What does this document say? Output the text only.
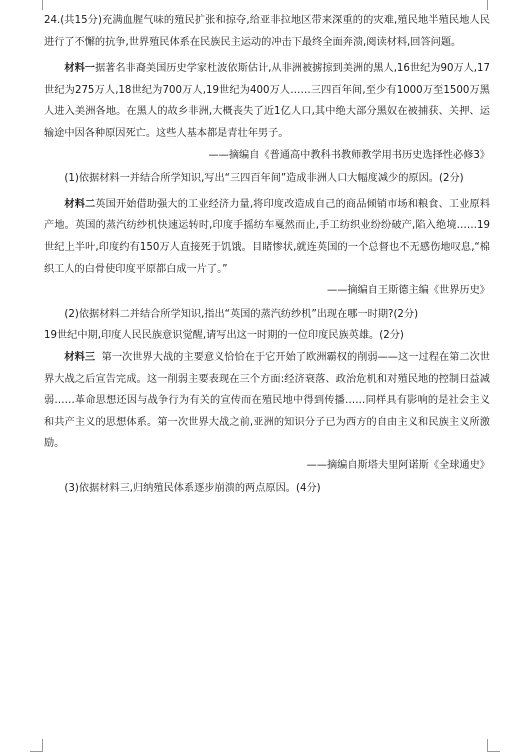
24.(共15分)充满血腥气味的殖民扩张和掠夺,给亚非拉地区带来深重的的灾难,殖民地半殖民地人民进行了不懈的抗争,世界殖民体系在民族民主运动的冲击下最终全面奔溃,阅读材料,回答问题。

材料一据著名非裔美国历史学家杜波依斯估计,从非洲被掳掠到美洲的黑人,16世纪为90万人,17世纪为275万人,18世纪为700万人,19世纪为400万人……三四百年间,至少有1000万至1500万黑人进入美洲各地。在黑人的故乡非洲,大概丧失了近1亿人口,其中绝大部分黑奴在被捕获、关押、运输途中因各种原因死亡。这些人基本都是青壮年男子。

——摘编自《普通高中教科书教师教学用书历史选择性必修3》

(1)依据材料一并结合所学知识,写出“三四百年间”造成非洲人口大幅度减少的原因。(2分)

材料二英国开始借助强大的工业经济力量,将印度改造成自己的商品倾销市场和粮食、工业原料产地。英国的蒸汽纺纱机快速运转时,印度手摇纺车戛然而止,手工纺织业纷纷破产,陷入绝境……19世纪上半叶,印度约有150万人直接死于饥饿。目睹惨状,就连英国的一个总督也不无感伤地叹息,“棉织工人的白骨使印度平原都白成一片了。”

——摘编自王斯德主编《世界历史》

(2)依据材料二并结合所学知识,指出“英国的蒸汽纺纱机”出现在哪一时期?(2分)

19世纪中期,印度人民民族意识觉醒,请写出这一时期的一位印度民族英雄。(2分)

材料三 第一次世界大战的主要意义恰恰在于它开始了欧洲霸权的削弱——这一过程在第二次世界大战之后宣告完成。这一削弱主要表现在三个方面:经济衰落、政治危机和对殖民地的控制日益减弱……革命思想还因与战争行为有关的宣传而在殖民地中得到传播……同样具有影响的是社会主义和共产主义的思想体系。第一次世界大战之前,亚洲的知识分子已为西方的自由主义和民族主义所激励。

——摘编自斯塔夫里阿诺斯《全球通史》

(3)依据材料三,归纳殖民体系逐步崩溃的两点原因。(4分)
